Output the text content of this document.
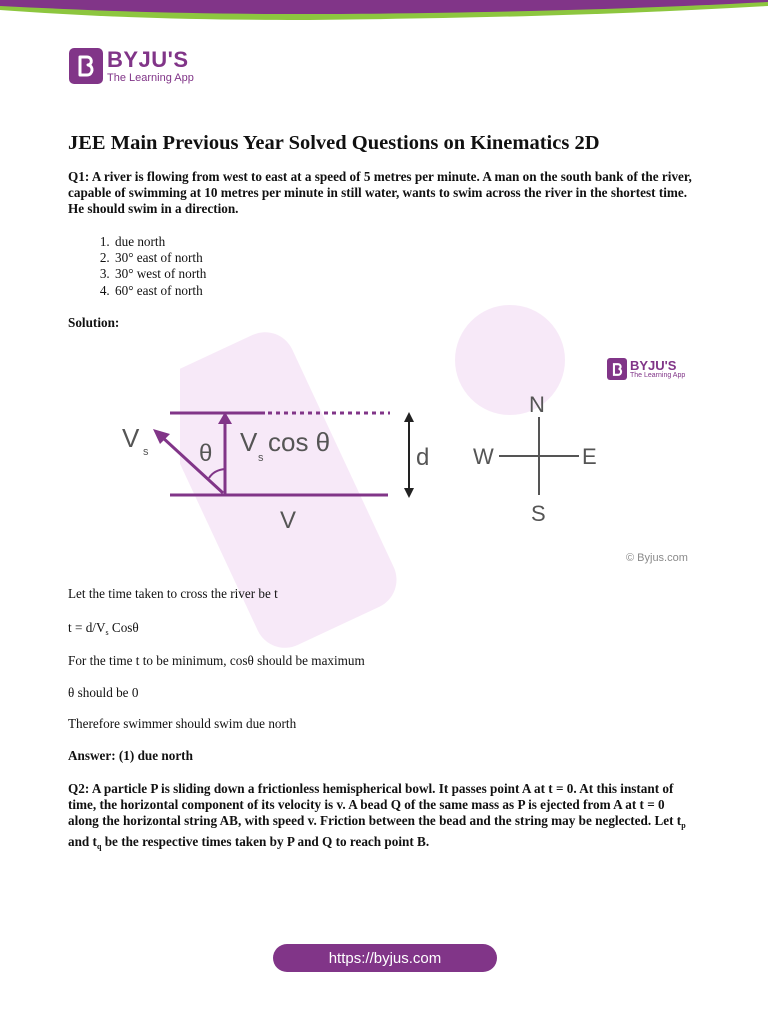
BYJU'S
The Learning App
JEE Main Previous Year Solved Questions on Kinematics 2D
Q1: A river is flowing from west to east at a speed of 5 metres per minute. A man on the south bank of the river, capable of swimming at 10 metres per minute in still water, wants to swim across the river in the shortest time. He should swim in a direction.
1. due north
2. 30° east of north
3. 30° west of north
4. 60° east of north
Solution:
Let the time taken to cross the river be t
$t = d/V_s$ Cosθ
For the time t to be minimum, cosθ should be maximum
θ should be 0
Therefore swimmer should swim due north
Answer: (1) due north
Q2: A particle P is sliding down a frictionless hemispherical bowl. It passes point A at t = 0. At this instant of time, the horizontal component of its velocity is v. A bead Q of the same mass as P is ejected from A at t = 0 along the horizontal string AB, with speed v. Friction between the bead and the string may be neglected. Let $t_p$ and $t_q$ be the respective times taken by P and Q to reach point B.
V s θ V
s
cos θ
V
d
N
S
W	E
BYJU'S
The Learning App
© Byjus.com
https://byjus.com
